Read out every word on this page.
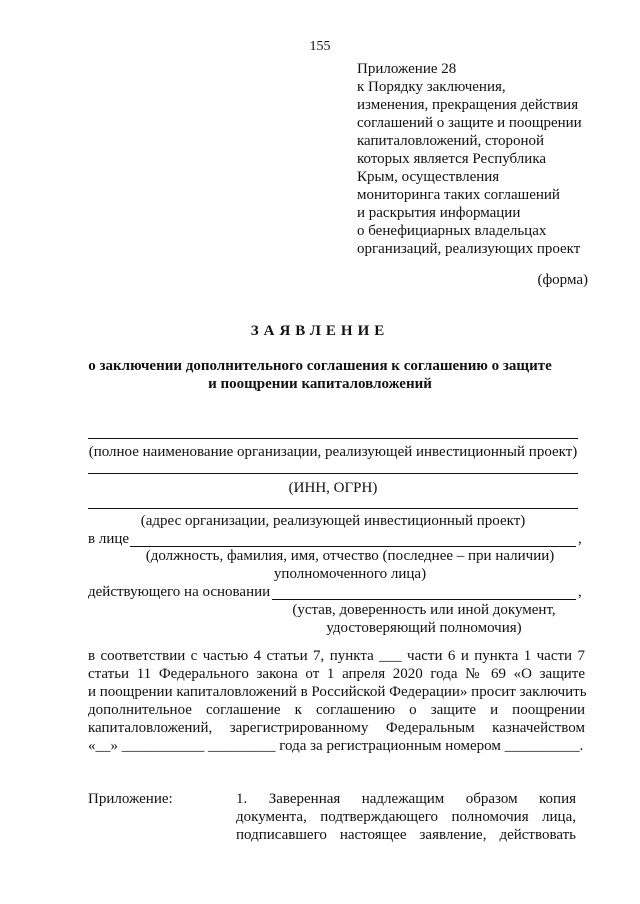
155
Приложение 28
к Порядку заключения,
изменения, прекращения действия
соглашений о защите и поощрении
капиталовложений, стороной
которых является Республика
Крым, осуществления
мониторинга таких соглашений
и раскрытия информации
о бенефициарных владельцах
организаций, реализующих проект
(форма)
ЗАЯВЛЕНИЕ
о заключении дополнительного соглашения к соглашению о защите
и поощрении капиталовложений
(полное наименование организации, реализующей инвестиционный проект)
(ИНН, ОГРН)
(адрес организации, реализующей инвестиционный проект)
в лице	,
(должность, фамилия, имя, отчество (последнее – при наличии)
уполномоченного лица)
действующего на основании	,
(устав, доверенность или иной документ,
удостоверяющий полномочия)
в соответствии с частью 4 статьи 7, пункта ___ части 6 и пункта 1 части 7
статьи 11 Федерального закона от 1 апреля 2020 года № 69 «О защите
и поощрении капиталовложений в Российской Федерации» просит заключить
дополнительное соглашение к соглашению о защите и поощрении
капиталовложений, зарегистрированному Федеральным казначейством
«__» ___________ _________ года за регистрационным номером __________.
Приложение:	1. Заверенная надлежащим образом копия
документа, подтверждающего полномочия лица,
подписавшего настоящее заявление, действовать
